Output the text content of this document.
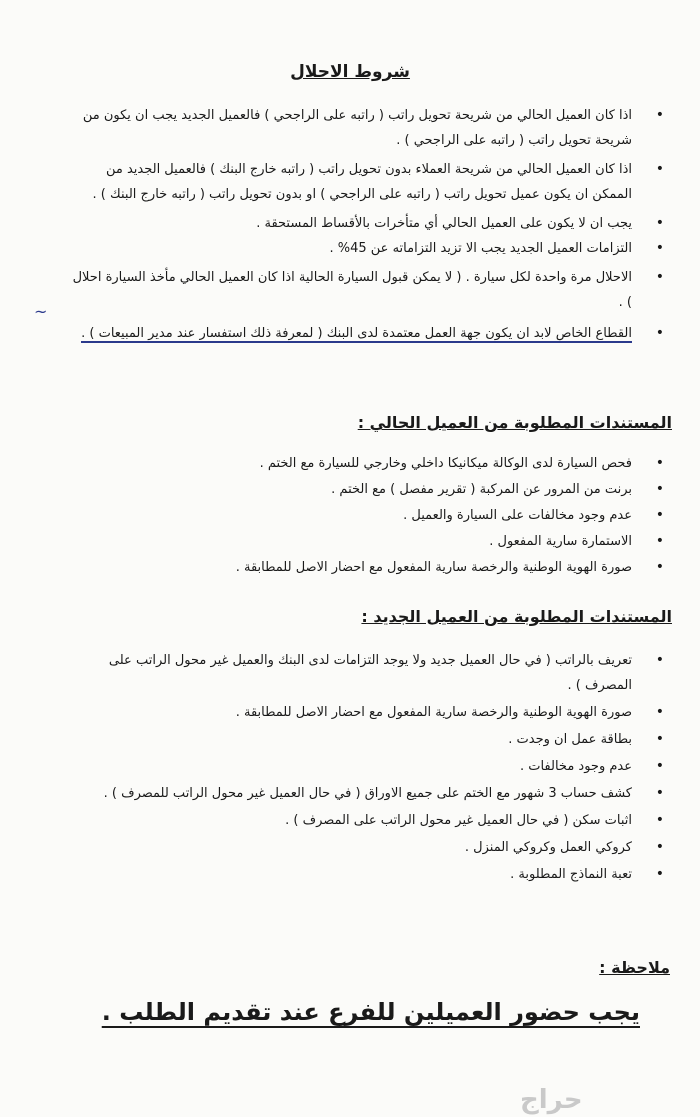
شروط الاحلال
•
اذا كان العميل الحالي من شريحة تحويل راتب ( راتبه على الراجحي ) فالعميل الجديد يجب ان يكون من شريحة تحويل راتب ( راتبه على الراجحي ) .
•
اذا كان العميل الحالي من شريحة العملاء بدون تحويل راتب ( راتبه خارج البنك ) فالعميل الجديد من الممكن ان يكون عميل تحويل راتب ( راتبه على الراجحي ) او بدون تحويل راتب ( راتبه خارج البنك ) .
•
يجب ان لا يكون على العميل الحالي أي متأخرات بالأقساط المستحقة .
•
التزامات العميل الجديد يجب الا تزيد التزاماته عن 45% .
•
الاحلال مرة واحدة لكل سيارة . ( لا يمكن قبول السيارة الحالية اذا كان العميل الحالي مأخذ السيارة احلال ) .
•
القطاع الخاص لابد ان يكون جهة العمل معتمدة لدى البنك ( لمعرفة ذلك استفسار عند مدير المبيعات ) .
~
المستندات المطلوبة من العميل الحالي :
•
فحص السيارة لدى الوكالة ميكانيكا داخلي وخارجي للسيارة مع الختم .
•
برنت من المرور عن المركبة ( تقرير مفصل ) مع الختم .
•
عدم وجود مخالفات على السيارة والعميل .
•
الاستمارة سارية المفعول .
•
صورة الهوية الوطنية والرخصة سارية المفعول مع احضار الاصل للمطابقة .
المستندات المطلوبة من العميل الجديد :
•
تعريف بالراتب ( في حال العميل جديد ولا يوجد التزامات لدى البنك والعميل غير محول الراتب على المصرف ) .
•
صورة الهوية الوطنية والرخصة سارية المفعول مع احضار الاصل للمطابقة .
•
بطاقة عمل ان وجدت .
•
عدم وجود مخالفات .
•
كشف حساب 3 شهور مع الختم على جميع الاوراق ( في حال العميل غير محول الراتب للمصرف ) .
•
اثبات سكن ( في حال العميل غير محول الراتب على المصرف ) .
•
كروكي العمل وكروكي المنزل .
•
تعبة النماذج المطلوبة .
ملاحظة :
يجب حضور العميلين للفرع عند تقديم الطلب .
حراج
